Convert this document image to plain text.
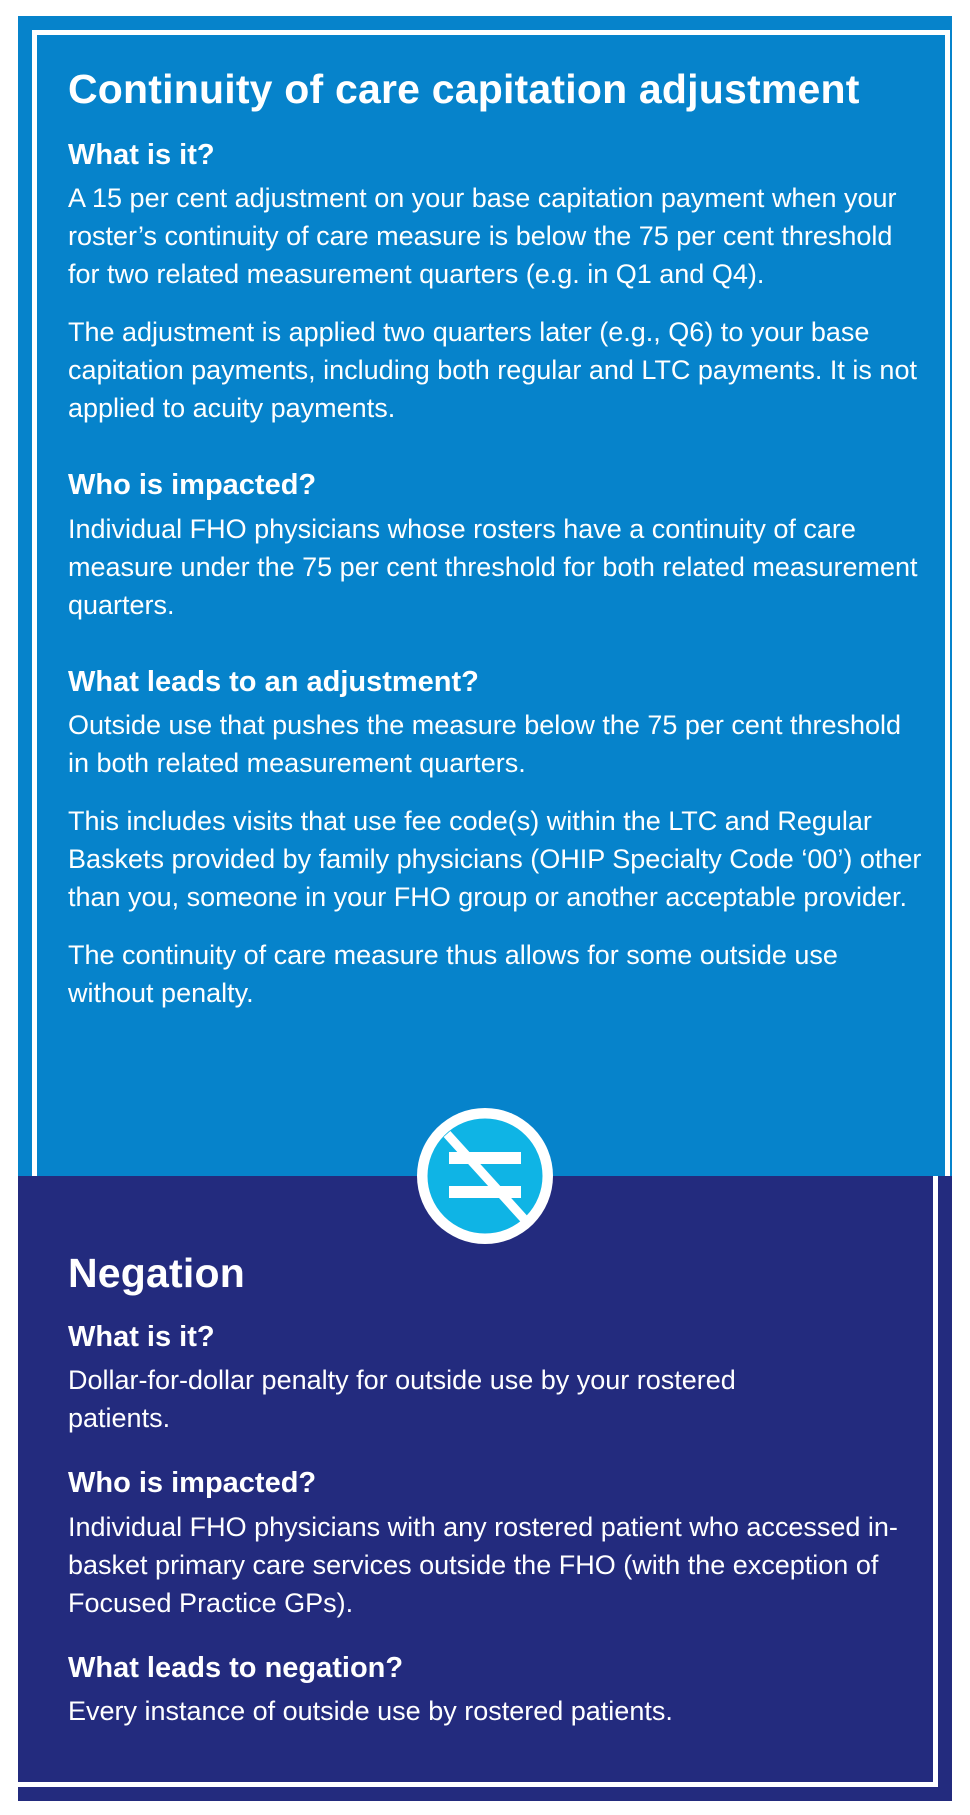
Continuity of care capitation adjustment
What is it?

A 15 per cent adjustment on your base capitation payment when your roster’s continuity of care measure is below the 75 per cent threshold for two related measurement quarters (e.g. in Q1 and Q4).

The adjustment is applied two quarters later (e.g., Q6) to your base capitation payments, including both regular and LTC payments. It is not applied to acuity payments.

Who is impacted?

Individual FHO physicians whose rosters have a continuity of care measure under the 75 per cent threshold for both related measurement quarters.

What leads to an adjustment?

Outside use that pushes the measure below the 75 per cent threshold in both related measurement quarters.

This includes visits that use fee code(s) within the LTC and Regular Baskets provided by family physicians (OHIP Specialty Code ‘00’) other than you, someone in your FHO group or another acceptable provider.

The continuity of care measure thus allows for some outside use without penalty.

Negation
What is it?

Dollar-for-dollar penalty for outside use by your rostered patients.

Who is impacted?

Individual FHO physicians with any rostered patient who accessed in-basket primary care services outside the FHO (with the exception of Focused Practice GPs).

What leads to negation?

Every instance of outside use by rostered patients.
